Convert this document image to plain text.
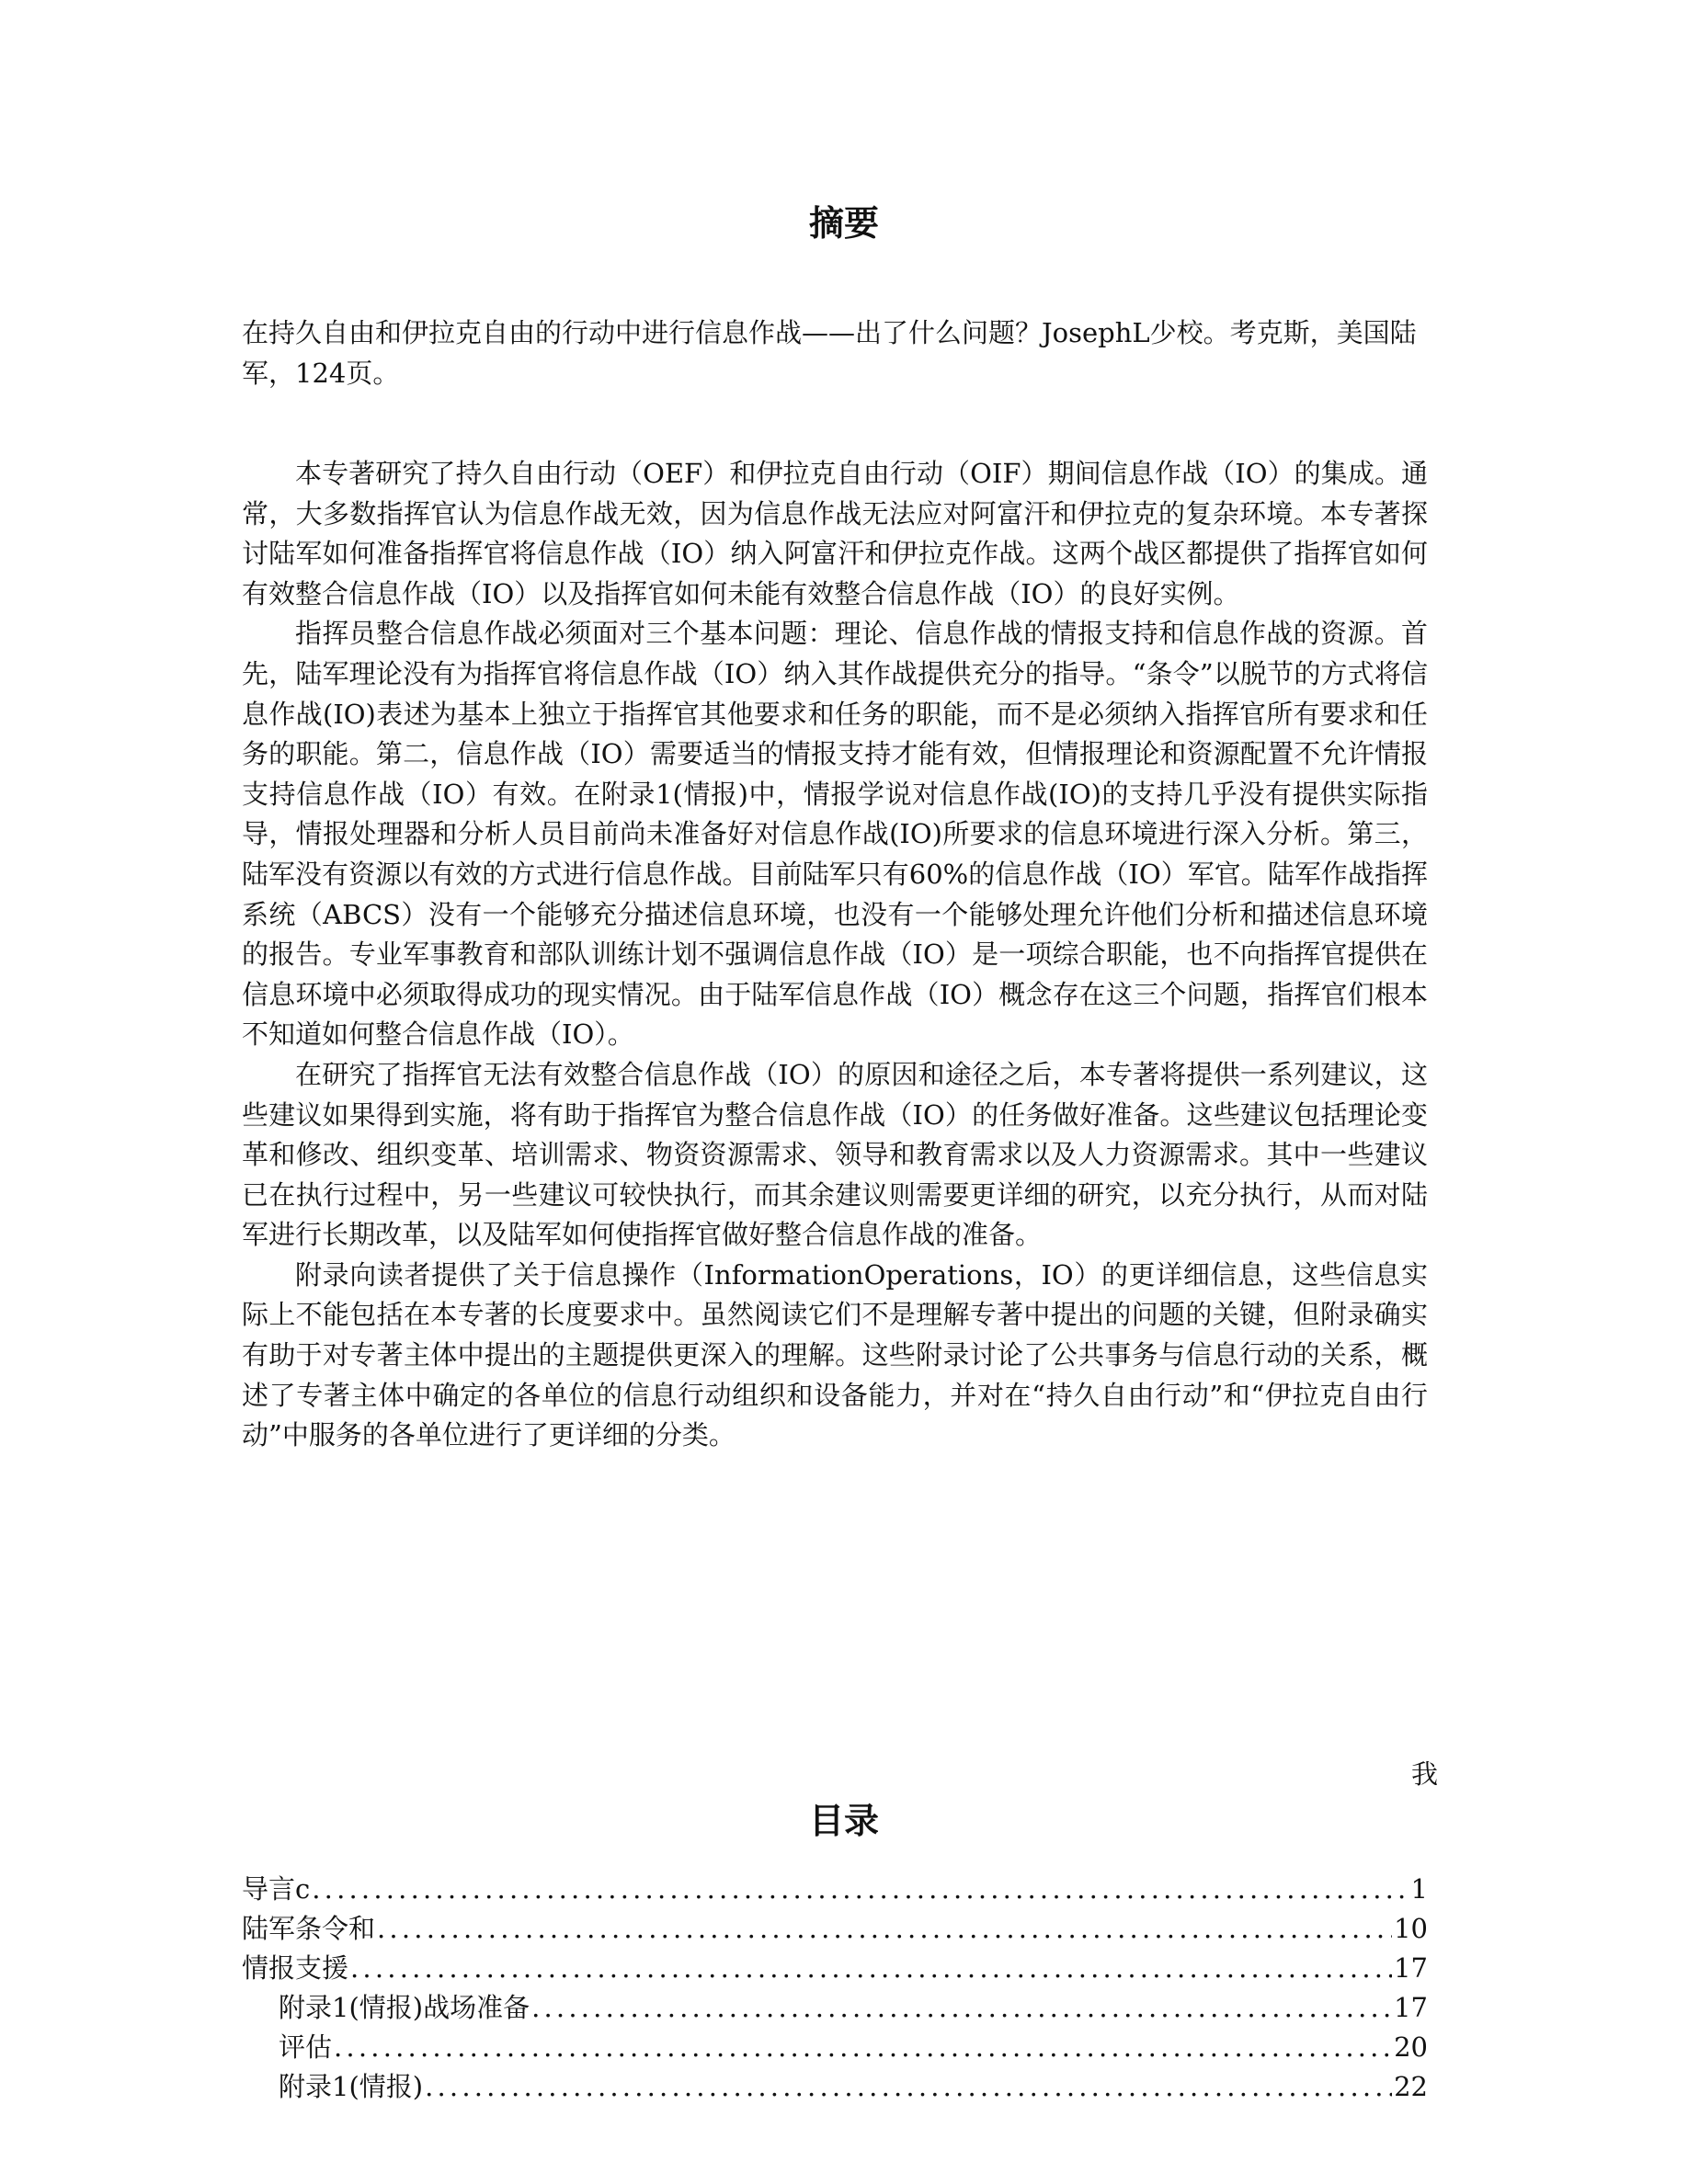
摘要

在持久自由和伊拉克自由的行动中进行信息作战——出了什么问题？JosephL少校。考克斯，美国陆军，124页。

本专著研究了持久自由行动（OEF）和伊拉克自由行动（OIF）期间信息作战（IO）的集成。通常，大多数指挥官认为信息作战无效，因为信息作战无法应对阿富汗和伊拉克的复杂环境。本专著探讨陆军如何准备指挥官将信息作战（IO）纳入阿富汗和伊拉克作战。这两个战区都提供了指挥官如何有效整合信息作战（IO）以及指挥官如何未能有效整合信息作战（IO）的良好实例。

指挥员整合信息作战必须面对三个基本问题：理论、信息作战的情报支持和信息作战的资源。首先，陆军理论没有为指挥官将信息作战（IO）纳入其作战提供充分的指导。“条令”以脱节的方式将信息作战(IO)表述为基本上独立于指挥官其他要求和任务的职能，而不是必须纳入指挥官所有要求和任务的职能。第二，信息作战（IO）需要适当的情报支持才能有效，但情报理论和资源配置不允许情报支持信息作战（IO）有效。在附录1(情报)中，情报学说对信息作战(IO)的支持几乎没有提供实际指导，情报处理器和分析人员目前尚未准备好对信息作战(IO)所要求的信息环境进行深入分析。第三，陆军没有资源以有效的方式进行信息作战。目前陆军只有60%的信息作战（IO）军官。陆军作战指挥系统（ABCS）没有一个能够充分描述信息环境，也没有一个能够处理允许他们分析和描述信息环境的报告。专业军事教育和部队训练计划不强调信息作战（IO）是一项综合职能，也不向指挥官提供在信息环境中必须取得成功的现实情况。由于陆军信息作战（IO）概念存在这三个问题，指挥官们根本不知道如何整合信息作战（IO）。

在研究了指挥官无法有效整合信息作战（IO）的原因和途径之后，本专著将提供一系列建议，这些建议如果得到实施，将有助于指挥官为整合信息作战（IO）的任务做好准备。这些建议包括理论变革和修改、组织变革、培训需求、物资资源需求、领导和教育需求以及人力资源需求。其中一些建议已在执行过程中，另一些建议可较快执行，而其余建议则需要更详细的研究，以充分执行，从而对陆军进行长期改革，以及陆军如何使指挥官做好整合信息作战的准备。

附录向读者提供了关于信息操作（InformationOperations，IO）的更详细信息，这些信息实际上不能包括在本专著的长度要求中。虽然阅读它们不是理解专著中提出的问题的关键，但附录确实有助于对专著主体中提出的主题提供更深入的理解。这些附录讨论了公共事务与信息行动的关系，概述了专著主体中确定的各单位的信息行动组织和设备能力，并对在“持久自由行动”和“伊拉克自由行动”中服务的各单位进行了更详细的分类。

我
目录
导言c .....	1
陆军条令和 .....	10
情报支援 .....	17
附录1(情报)战场准备 .....	17
评估 .....	20
附录1(情报) .....	22
